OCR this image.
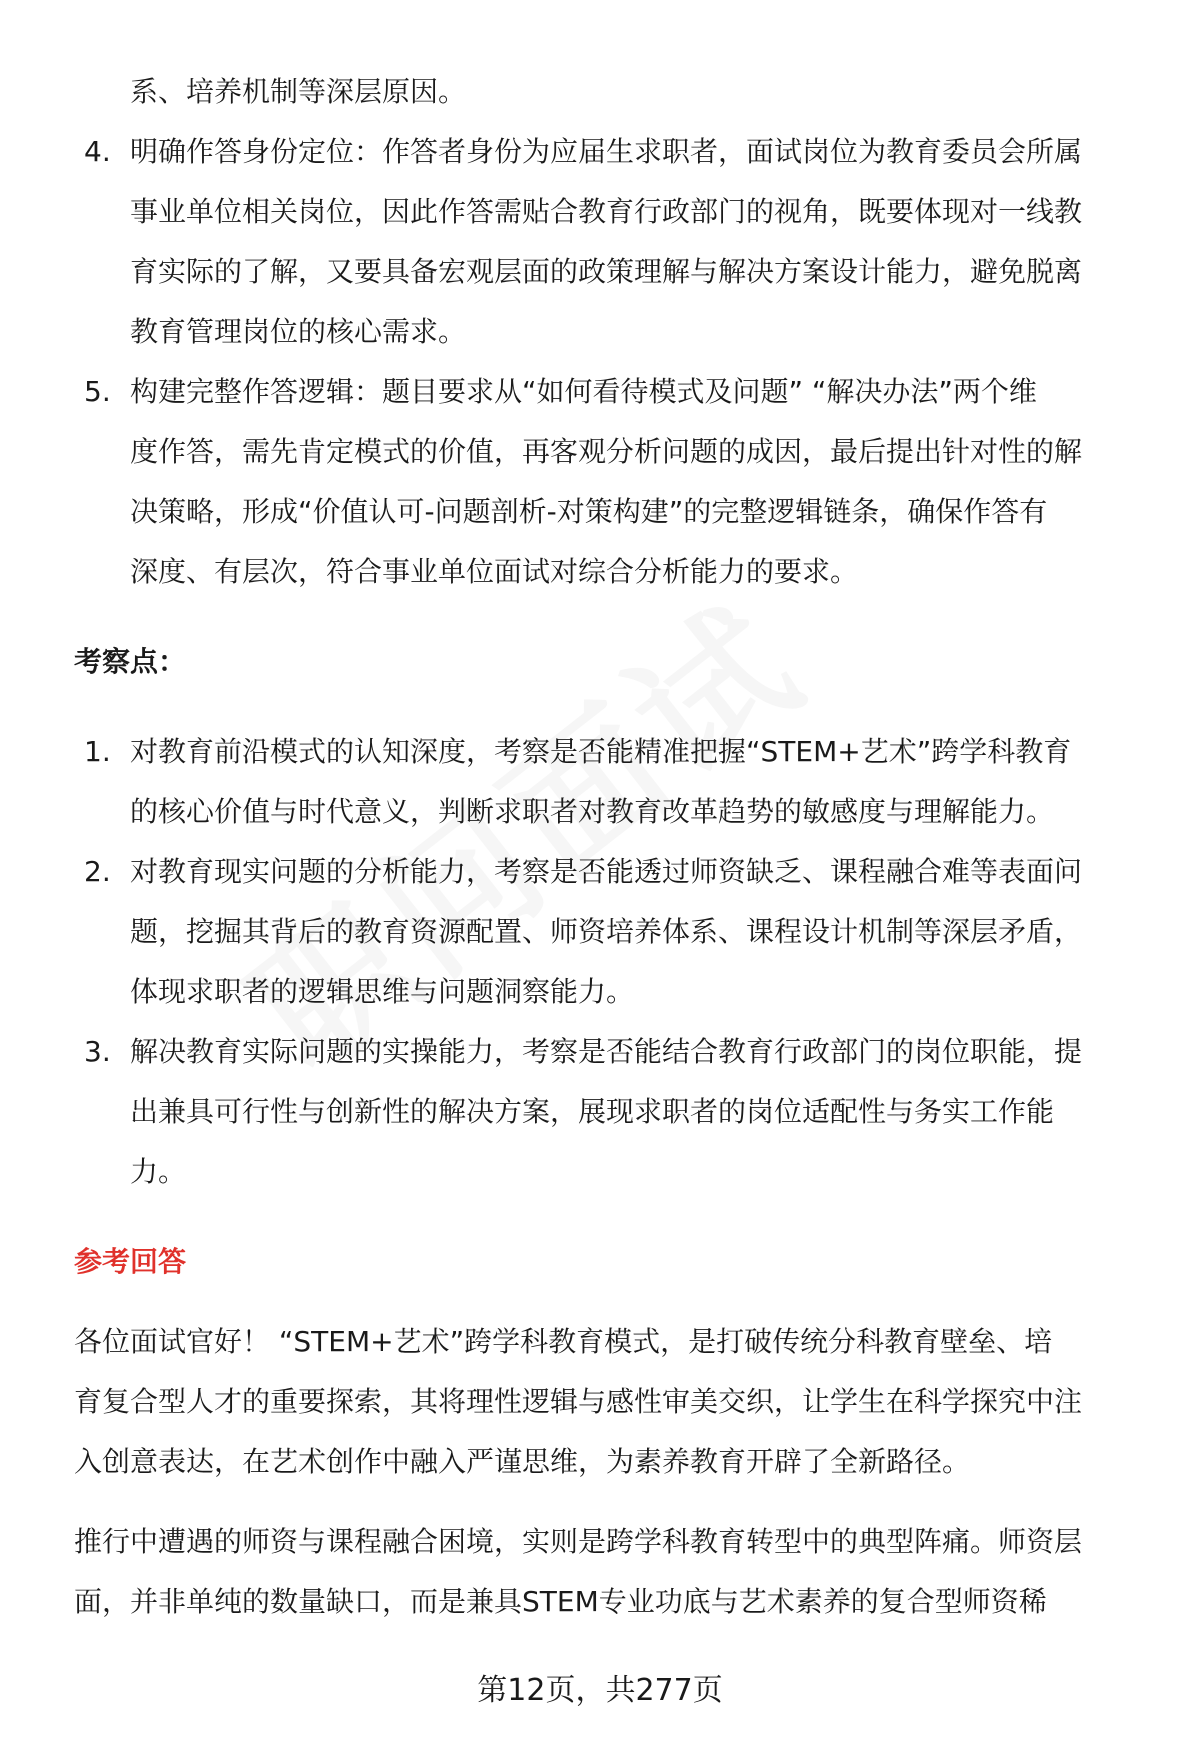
系、培养机制等深层原因。
4. 明确作答身份定位：作答者身份为应届生求职者，面试岗位为教育委员会所属
事业单位相关岗位，因此作答需贴合教育行政部门的视角，既要体现对一线教
育实际的了解，又要具备宏观层面的政策理解与解决方案设计能力，避免脱离
教育管理岗位的核心需求。
5. 构建完整作答逻辑：题目要求从“如何看待模式及问题” “解决办法”两个维
度作答，需先肯定模式的价值，再客观分析问题的成因，最后提出针对性的解
决策略，形成“价值认可-问题剖析-对策构建”的完整逻辑链条，确保作答有
深度、有层次，符合事业单位面试对综合分析能力的要求。
考察点：
1. 对教育前沿模式的认知深度，考察是否能精准把握“STEM+艺术”跨学科教育
的核心价值与时代意义，判断求职者对教育改革趋势的敏感度与理解能力。
2. 对教育现实问题的分析能力，考察是否能透过师资缺乏、课程融合难等表面问
题，挖掘其背后的教育资源配置、师资培养体系、课程设计机制等深层矛盾，
体现求职者的逻辑思维与问题洞察能力。
3. 解决教育实际问题的实操能力，考察是否能结合教育行政部门的岗位职能，提
出兼具可行性与创新性的解决方案，展现求职者的岗位适配性与务实工作能
力。
参考回答
各位面试官好！ “STEM+艺术”跨学科教育模式，是打破传统分科教育壁垒、培
育复合型人才的重要探索，其将理性逻辑与感性审美交织，让学生在科学探究中注
入创意表达，在艺术创作中融入严谨思维，为素养教育开辟了全新路径。
推行中遭遇的师资与课程融合困境，实则是跨学科教育转型中的典型阵痛。师资层
面，并非单纯的数量缺口，而是兼具STEM专业功底与艺术素养的复合型师资稀
第12页，共277页
